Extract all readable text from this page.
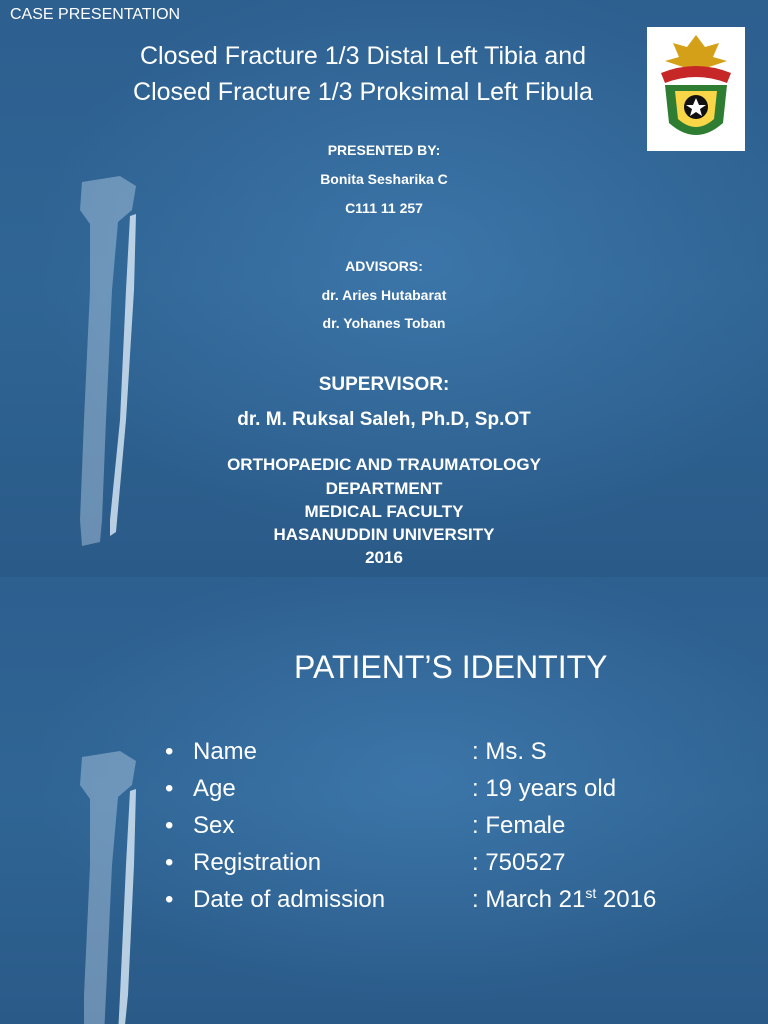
CASE PRESENTATION
Closed Fracture 1/3 Distal Left Tibia and
Closed Fracture 1/3 Proksimal Left Fibula
PRESENTED BY:
Bonita Sesharika C
C111 11 257
ADVISORS:
dr. Aries Hutabarat
dr. Yohanes Toban
SUPERVISOR:
dr. M. Ruksal Saleh, Ph.D, Sp.OT
ORTHOPAEDIC AND TRAUMATOLOGY
DEPARTMENT
MEDICAL FACULTY
HASANUDDIN UNIVERSITY
2016
PATIENT’S IDENTITY
• Name	: Ms. S
• Age	: 19 years old
• Sex	: Female
• Registration	: 750527
• Date of admission	: March 21st 2016
